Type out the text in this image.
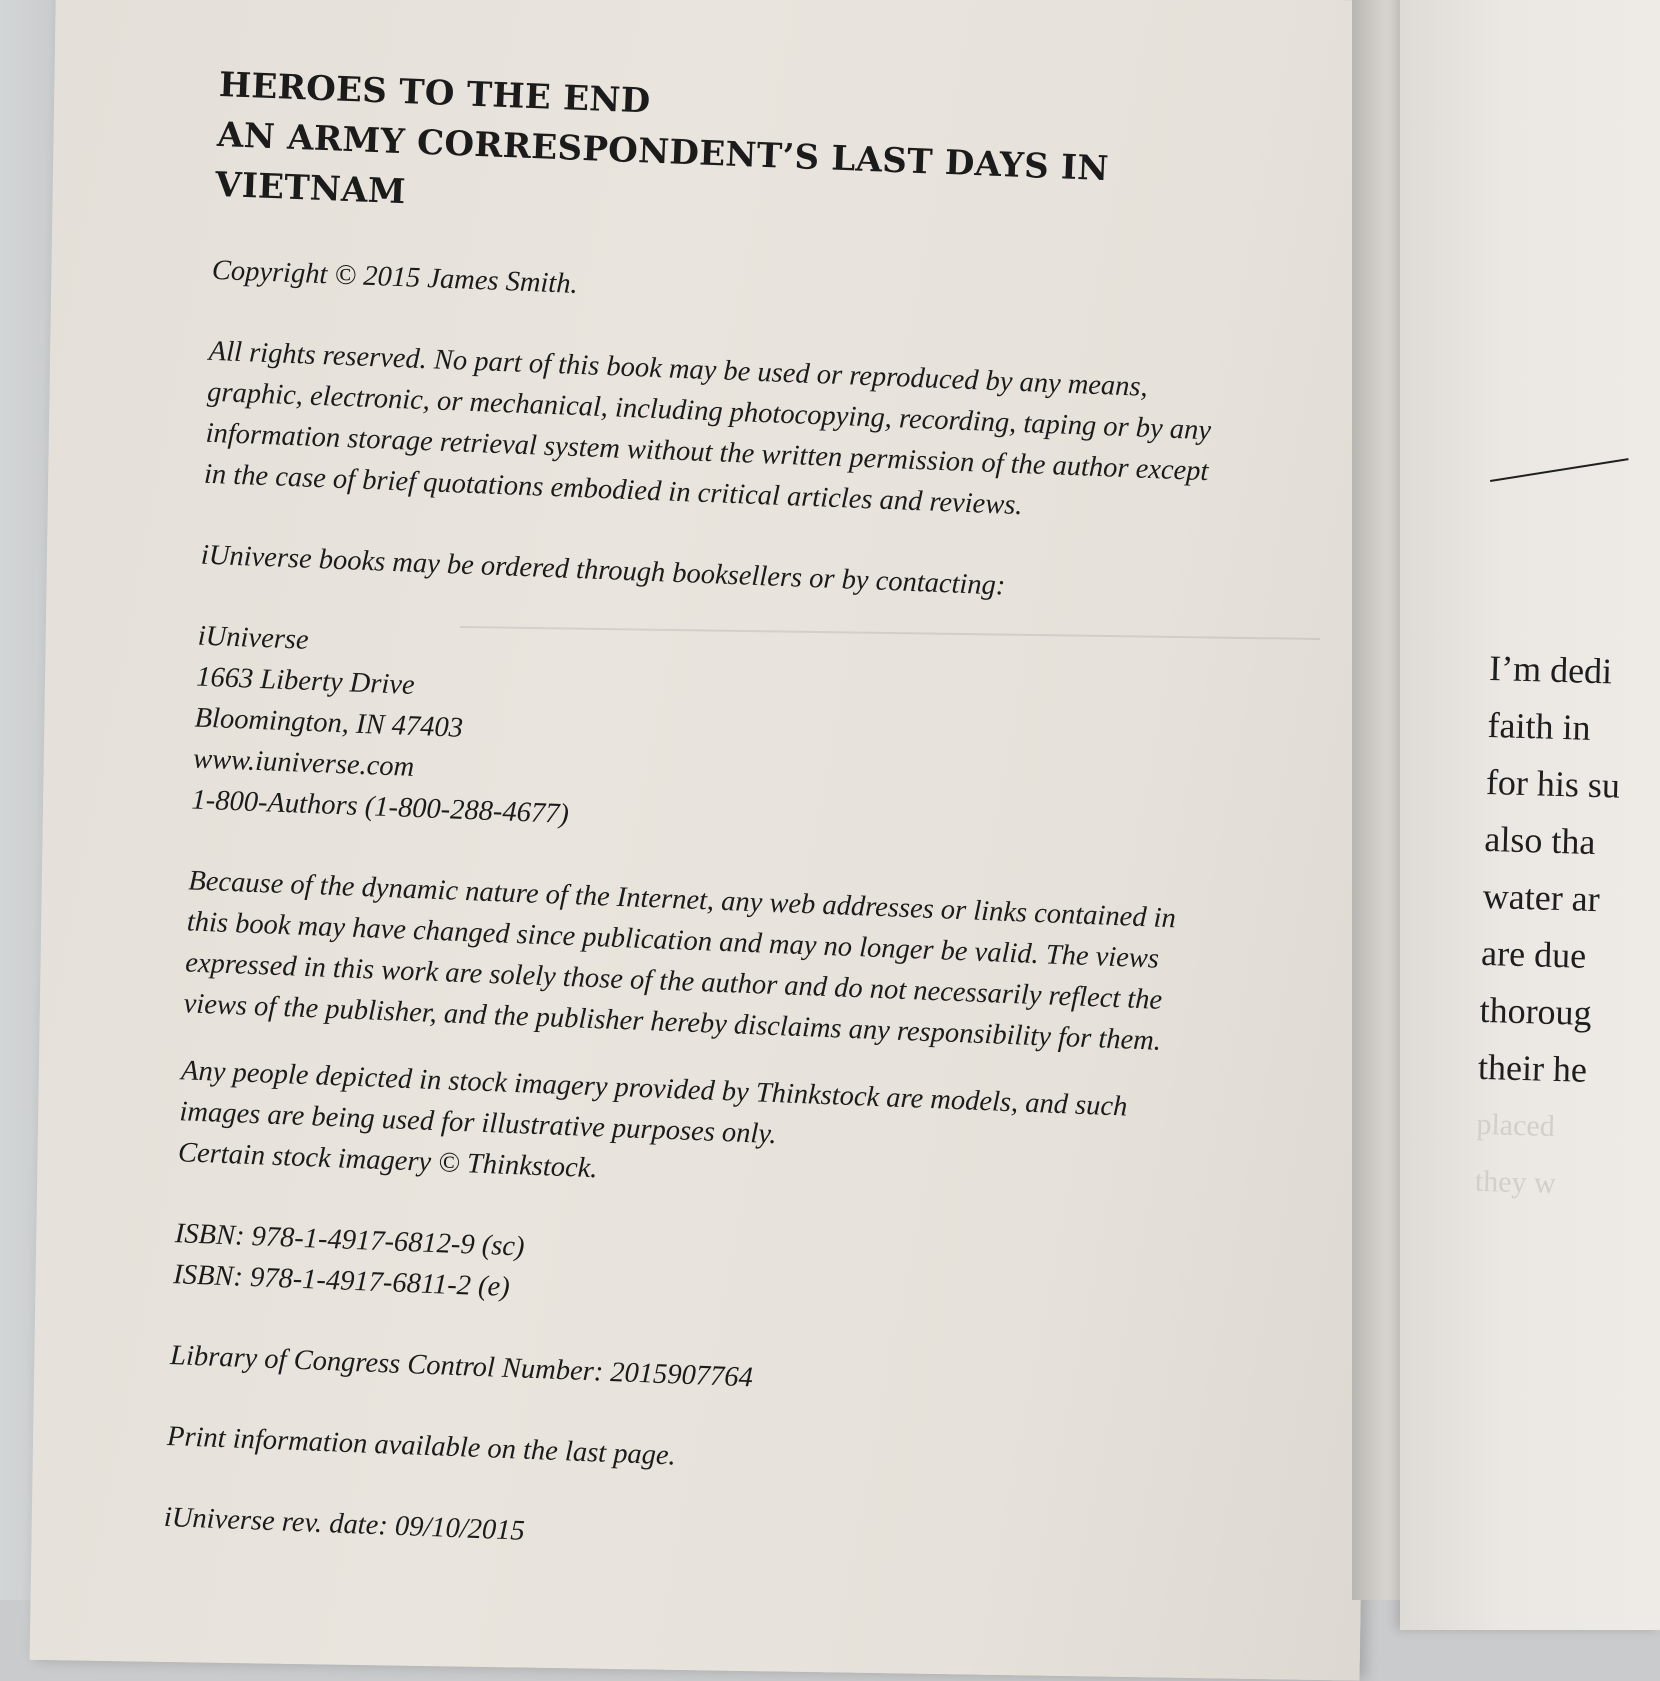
HEROES TO THE END

AN ARMY CORRESPONDENT’S LAST DAYS IN VIETNAM

Copyright © 2015 James Smith.

All rights reserved. No part of this book may be used or reproduced by any means, graphic, electronic, or mechanical, including photocopying, recording, taping or by any information storage retrieval system without the written permission of the author except in the case of brief quotations embodied in critical articles and reviews.

iUniverse books may be ordered through booksellers or by contacting:

iUniverse
1663 Liberty Drive
Bloomington, IN 47403
www.iuniverse.com
1-800-Authors (1-800-288-4677)

Because of the dynamic nature of the Internet, any web addresses or links contained in this book may have changed since publication and may no longer be valid. The views expressed in this work are solely those of the author and do not necessarily reflect the views of the publisher, and the publisher hereby disclaims any responsibility for them.

Any people depicted in stock imagery provided by Thinkstock are models, and such images are being used for illustrative purposes only.

Certain stock imagery © Thinkstock.

ISBN: 978-1-4917-6812-9 (sc)

ISBN: 978-1-4917-6811-2 (e)

Library of Congress Control Number: 2015907764

Print information available on the last page.

iUniverse rev. date: 09/10/2015

I’m dedi
faith in
for his su
also tha
water ar
are due
thoroug
their he
placed
they w
